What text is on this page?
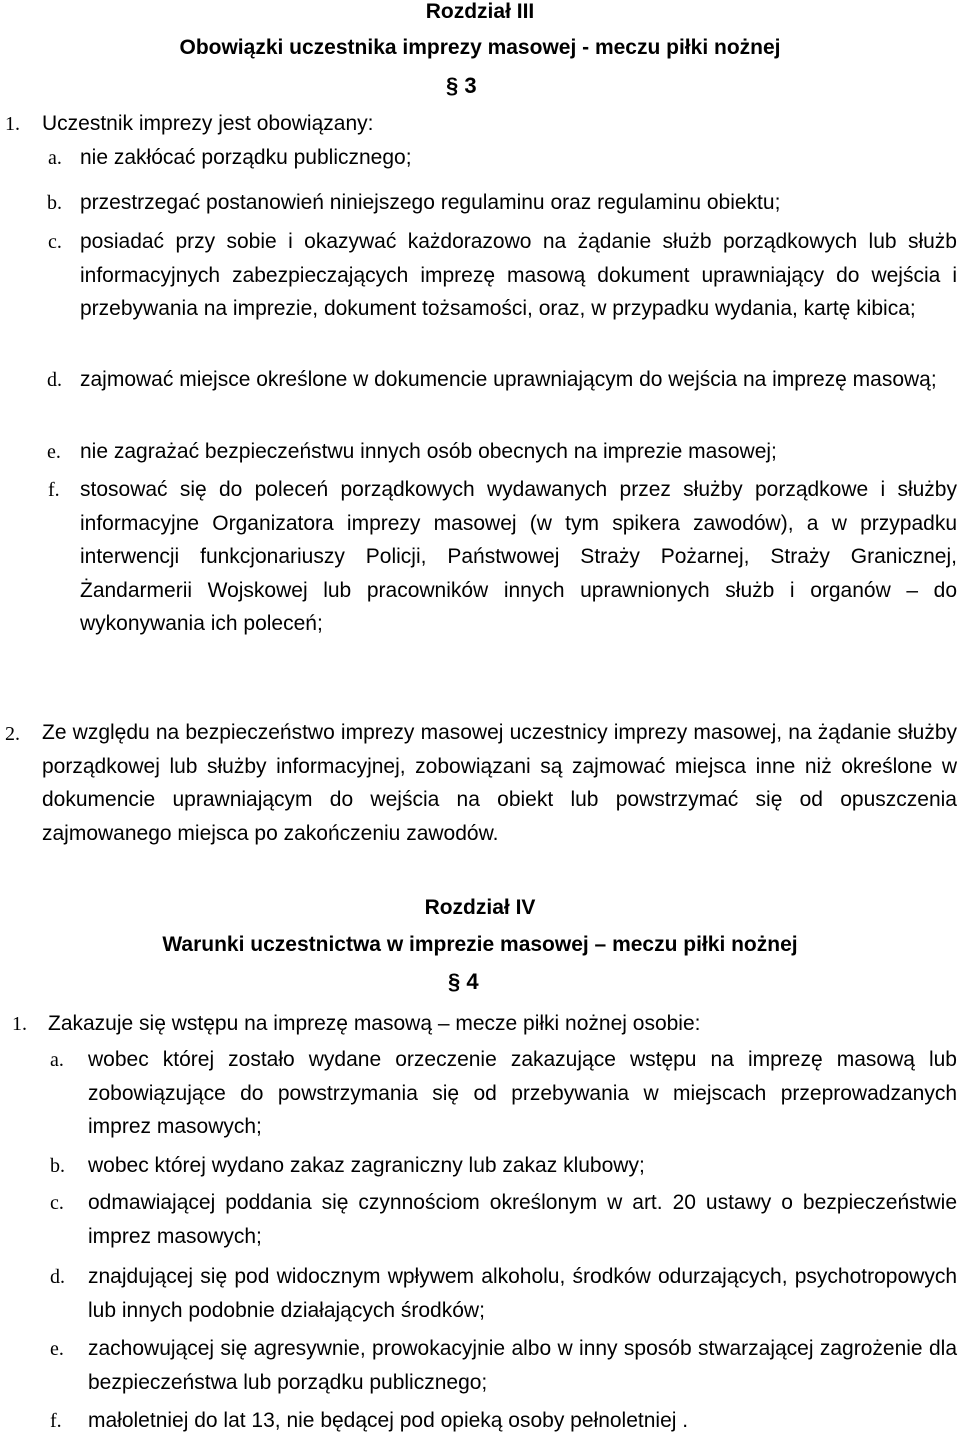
Rozdział III
Obowiązki uczestnika imprezy masowej - meczu piłki nożnej
§ 3
1. Uczestnik imprezy jest obowiązany:
a. nie zakłócać porządku publicznego;
b. przestrzegać postanowień niniejszego regulaminu oraz regulaminu obiektu;
c. posiadać przy sobie i okazywać każdorazowo na żądanie służb porządkowych lub służb informacyjnych zabezpieczających imprezę masową dokument uprawniający do wejścia i przebywania na imprezie, dokument tożsamości, oraz, w przypadku wydania, kartę kibica;
d. zajmować miejsce określone w dokumencie uprawniającym do wejścia na imprezę masową;
e. nie zagrażać bezpieczeństwu innych osób obecnych na imprezie masowej;
f. stosować się do poleceń porządkowych wydawanych przez służby porządkowe i służby informacyjne Organizatora imprezy masowej (w tym spikera zawodów), a w przypadku interwencji funkcjonariuszy Policji, Państwowej Straży Pożarnej, Straży Granicznej, Żandarmerii Wojskowej lub pracowników innych uprawnionych służb i organów – do wykonywania ich poleceń;
2. Ze względu na bezpieczeństwo imprezy masowej uczestnicy imprezy masowej, na żądanie służby porządkowej lub służby informacyjnej, zobowiązani są zajmować miejsca inne niż określone w dokumencie uprawniającym do wejścia na obiekt lub powstrzymać się od opuszczenia zajmowanego miejsca po zakończeniu zawodów.
Rozdział IV
Warunki uczestnictwa w imprezie masowej – meczu piłki nożnej
§ 4
1. Zakazuje się wstępu na imprezę masową – mecze piłki nożnej osobie:
a. wobec której zostało wydane orzeczenie zakazujące wstępu na imprezę masową lub zobowiązujące do powstrzymania się od przebywania w miejscach przeprowadzanych imprez masowych;
b. wobec której wydano zakaz zagraniczny lub zakaz klubowy;
c. odmawiającej poddania się czynnościom określonym w art. 20 ustawy o bezpieczeństwie imprez masowych;
d. znajdującej się pod widocznym wpływem alkoholu, środków odurzających, psychotropowych lub innych podobnie działających środków;
e. zachowującej się agresywnie, prowokacyjnie albo w inny sposób stwarzającej zagrożenie dla bezpieczeństwa lub porządku publicznego;
f. małoletniej do lat 13, nie będącej pod opieką osoby pełnoletniej .
